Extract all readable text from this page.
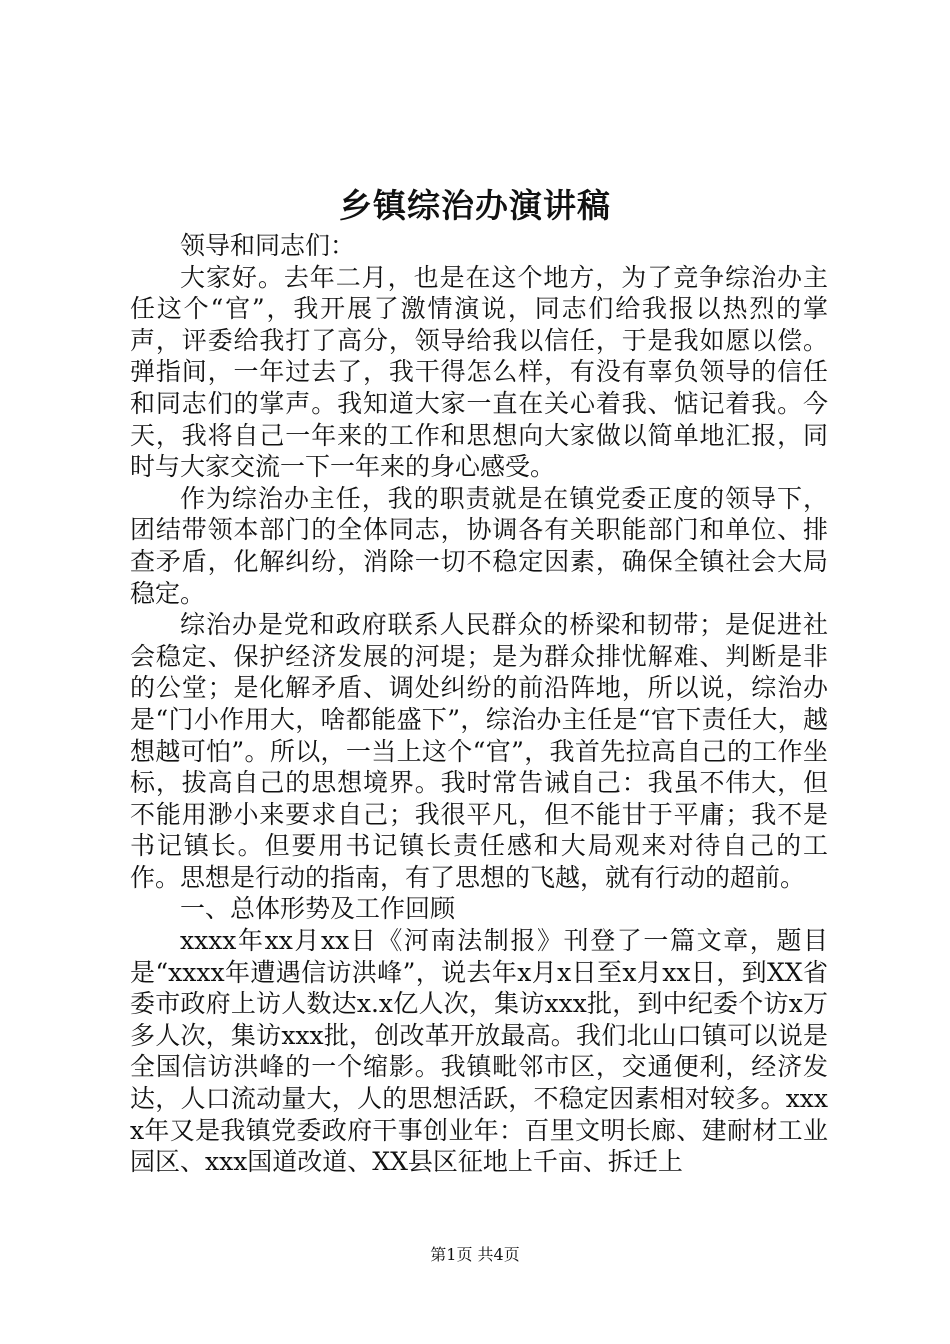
乡镇综治办演讲稿

领导和同志们：

大家好。去年二月，也是在这个地方，为了竞争综治办主任这个“官”，我开展了激情演说，同志们给我报以热烈的掌声，评委给我打了高分，领导给我以信任，于是我如愿以偿。弹指间，一年过去了，我干得怎么样，有没有辜负领导的信任和同志们的掌声。我知道大家一直在关心着我、惦记着我。今天，我将自己一年来的工作和思想向大家做以简单地汇报，同时与大家交流一下一年来的身心感受。

作为综治办主任，我的职责就是在镇党委正度的领导下，团结带领本部门的全体同志，协调各有关职能部门和单位、排查矛盾，化解纠纷，消除一切不稳定因素，确保全镇社会大局稳定。

综治办是党和政府联系人民群众的桥梁和韧带；是促进社会稳定、保护经济发展的河堤；是为群众排忧解难、判断是非的公堂；是化解矛盾、调处纠纷的前沿阵地，所以说，综治办是“门小作用大，啥都能盛下”，综治办主任是“官下责任大，越想越可怕”。所以，一当上这个“官”，我首先拉高自己的工作坐标，拔高自己的思想境界。我时常告诫自己：我虽不伟大，但不能用渺小来要求自己；我很平凡，但不能甘于平庸；我不是书记镇长。但要用书记镇长责任感和大局观来对待自己的工作。思想是行动的指南，有了思想的飞越，就有行动的超前。

一、总体形势及工作回顾

xxxx年xx月xx日《河南法制报》刊登了一篇文章，题目是“xxxx年遭遇信访洪峰”，说去年x月x日至x月xx日，到XX省委市政府上访人数达x.x亿人次，集访xxx批，到中纪委个访x万多人次，集访xxx批，创改革开放最高。我们北山口镇可以说是全国信访洪峰的一个缩影。我镇毗邻市区，交通便利，经济发达，人口流动量大，人的思想活跃，不稳定因素相对较多。xxxx年又是我镇党委政府干事创业年：百里文明长廊、建耐材工业园区、xxx国道改道、XX县区征地上千亩、拆迁上

第1页 共4页
